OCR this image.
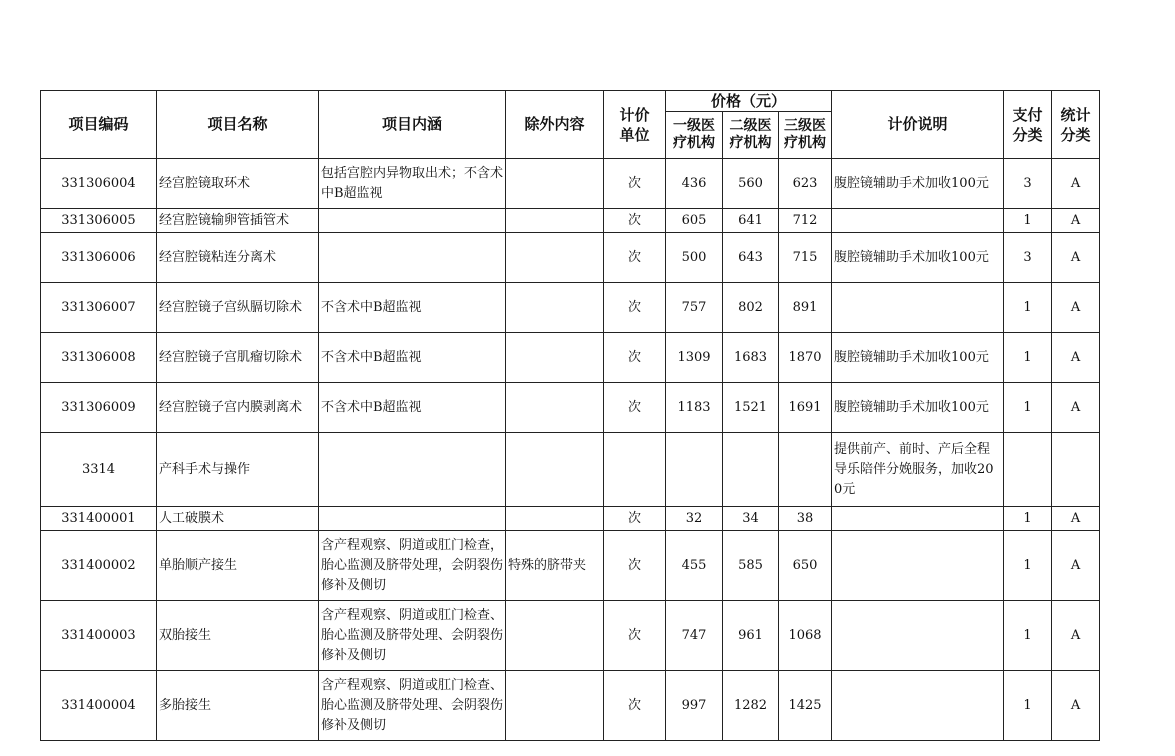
项目编码	项目名称	项目内涵	除外内容	计价单位	价格（元）			计价说明	支付分类	统计分类

					一级医疗机构	二级医疗机构	三级医疗机构			

331306004	经宫腔镜取环术	包括宫腔内异物取出术；不含术中B超监视		次	436	560	623	腹腔镜辅助手术加收100元	3	A
331306005	经宫腔镜输卵管插管术			次	605	641	712		1	A
331306006	经宫腔镜粘连分离术			次	500	643	715	腹腔镜辅助手术加收100元	3	A
331306007	经宫腔镜子宫纵膈切除术	不含术中B超监视		次	757	802	891		1	A
331306008	经宫腔镜子宫肌瘤切除术	不含术中B超监视		次	1309	1683	1870	腹腔镜辅助手术加收100元	1	A
331306009	经宫腔镜子宫内膜剥离术	不含术中B超监视		次	1183	1521	1691	腹腔镜辅助手术加收100元	1	A
3314	产科手术与操作							提供前产、前时、产后全程导乐陪伴分娩服务，加收200元		
331400001	人工破膜术			次	32	34	38		1	A
331400002	单胎顺产接生	含产程观察、阴道或肛门检查，胎心监测及脐带处理，会阴裂伤修补及侧切	特殊的脐带夹	次	455	585	650		1	A
331400003	双胎接生	含产程观察、阴道或肛门检查、胎心监测及脐带处理、会阴裂伤修补及侧切		次	747	961	1068		1	A
331400004	多胎接生	含产程观察、阴道或肛门检查、胎心监测及脐带处理、会阴裂伤修补及侧切		次	997	1282	1425		1	A
